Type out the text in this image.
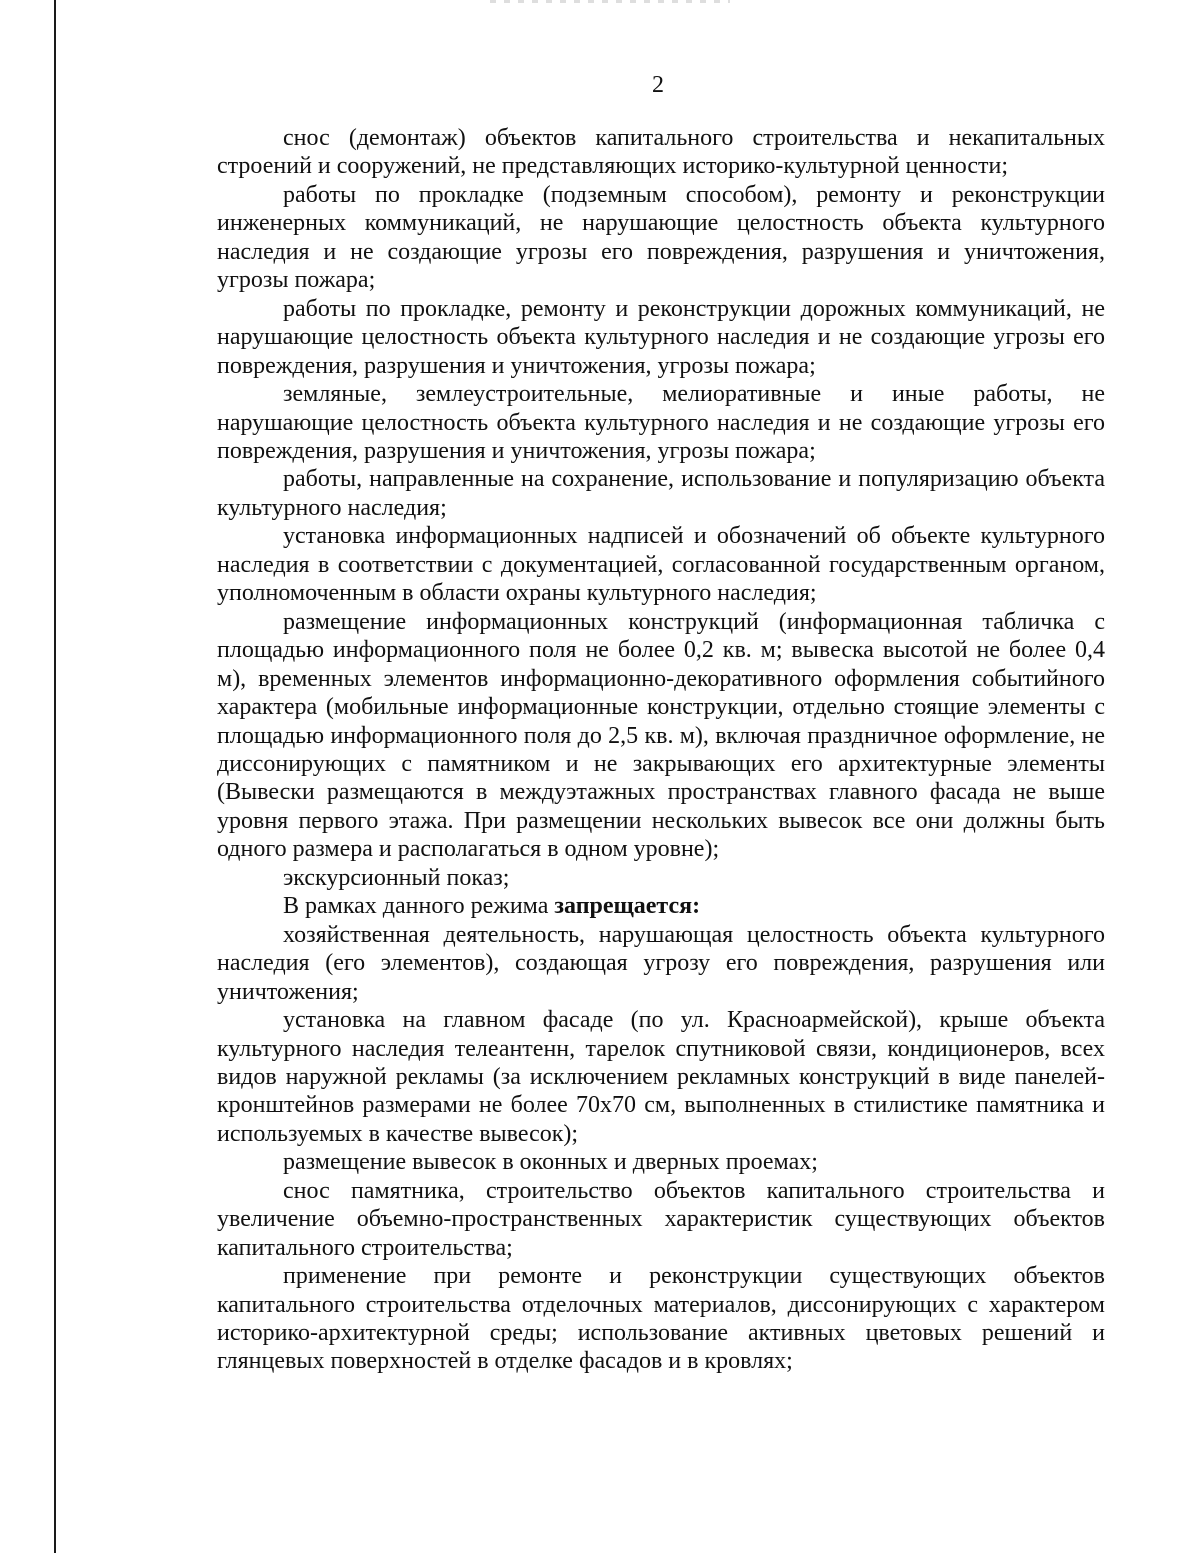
2

снос (демонтаж) объектов капитального строительства и некапитальных строений и сооружений, не представляющих историко-культурной ценности;

работы по прокладке (подземным способом), ремонту и реконструкции инженерных коммуникаций, не нарушающие целостность объекта культурного наследия и не создающие угрозы его повреждения, разрушения и уничтожения, угрозы пожара;

работы по прокладке, ремонту и реконструкции дорожных коммуникаций, не нарушающие целостность объекта культурного наследия и не создающие угрозы его повреждения, разрушения и уничтожения, угрозы пожара;

земляные, землеустроительные, мелиоративные и иные работы, не нарушающие целостность объекта культурного наследия и не создающие угрозы его повреждения, разрушения и уничтожения, угрозы пожара;

работы, направленные на сохранение, использование и популяризацию объекта культурного наследия;

установка информационных надписей и обозначений об объекте культурного наследия в соответствии с документацией, согласованной государственным органом, уполномоченным в области охраны культурного наследия;

размещение информационных конструкций (информационная табличка с площадью информационного поля не более 0,2 кв. м; вывеска высотой не более 0,4 м), временных элементов информационно-декоративного оформления событийного характера (мобильные информационные конструкции, отдельно стоящие элементы с площадью информационного поля до 2,5 кв. м), включая праздничное оформление, не диссонирующих с памятником и не закрывающих его архитектурные элементы (Вывески размещаются в междуэтажных пространствах главного фасада не выше уровня первого этажа. При размещении нескольких вывесок все они должны быть одного размера и располагаться в одном уровне);

экскурсионный показ;

В рамках данного режима запрещается:

хозяйственная деятельность, нарушающая целостность объекта культурного наследия (его элементов), создающая угрозу его повреждения, разрушения или уничтожения;

установка на главном фасаде (по ул. Красноармейской), крыше объекта культурного наследия телеантенн, тарелок спутниковой связи, кондиционеров, всех видов наружной рекламы (за исключением рекламных конструкций в виде панелей-кронштейнов размерами не более 70х70 см, выполненных в стилистике памятника и используемых в качестве вывесок);

размещение вывесок в оконных и дверных проемах;

снос памятника, строительство объектов капитального строительства и увеличение объемно-пространственных характеристик существующих объектов капитального строительства;

применение при ремонте и реконструкции существующих объектов капитального строительства отделочных материалов, диссонирующих с характером историко-архитектурной среды; использование активных цветовых решений и глянцевых поверхностей в отделке фасадов и в кровлях;
